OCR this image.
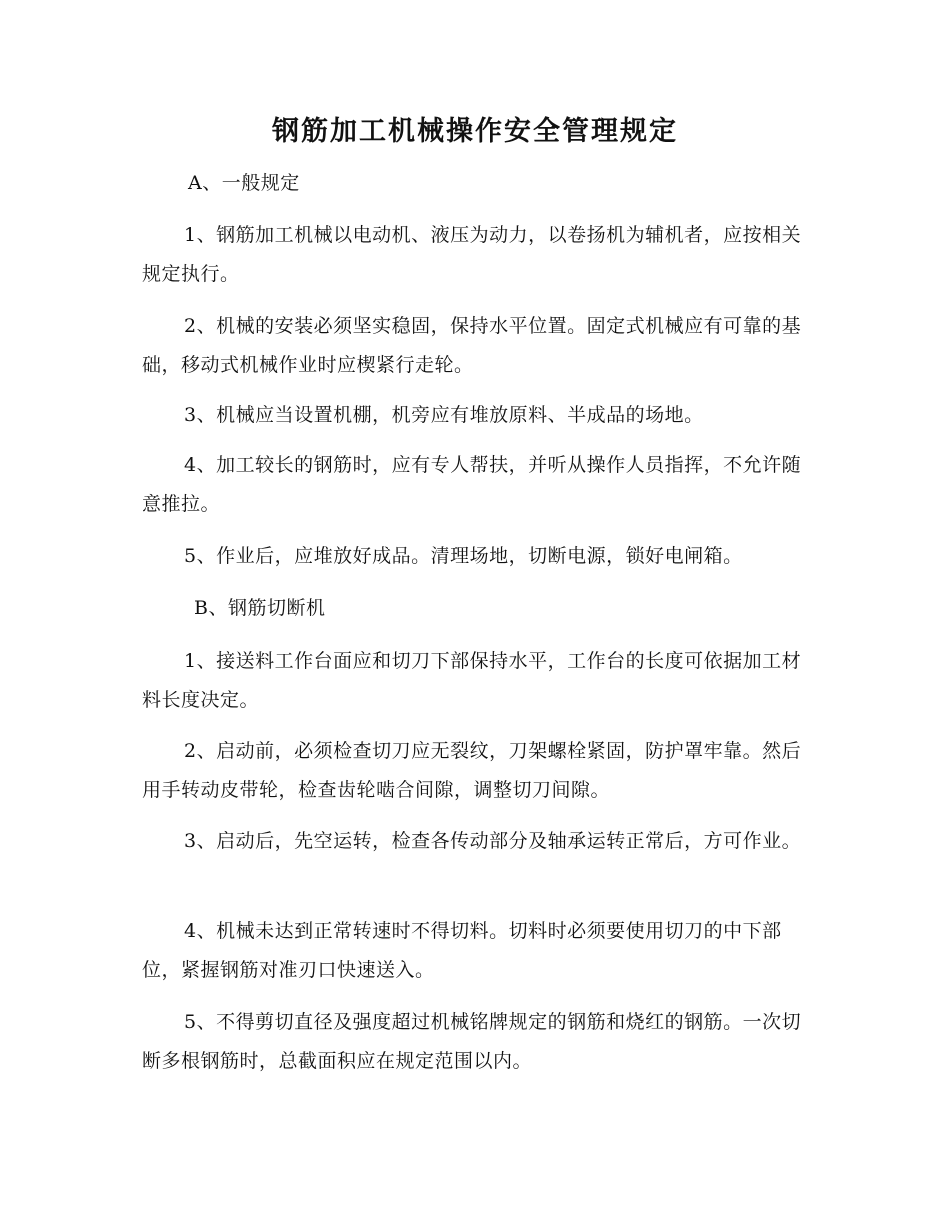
钢筋加工机械操作安全管理规定

A、一般规定

1、钢筋加工机械以电动机、液压为动力，以卷扬机为辅机者，应按相关规定执行。

2、机械的安装必须坚实稳固，保持水平位置。固定式机械应有可靠的基础，移动式机械作业时应楔紧行走轮。

3、机械应当设置机棚，机旁应有堆放原料、半成品的场地。

4、加工较长的钢筋时，应有专人帮扶，并听从操作人员指挥，不允许随意推拉。

5、作业后，应堆放好成品。清理场地，切断电源，锁好电闸箱。

B、钢筋切断机

1、接送料工作台面应和切刀下部保持水平，工作台的长度可依据加工材料长度决定。

2、启动前，必须检查切刀应无裂纹，刀架螺栓紧固，防护罩牢靠。然后用手转动皮带轮，检查齿轮啮合间隙，调整切刀间隙。

3、启动后，先空运转，检查各传动部分及轴承运转正常后，方可作业。

4、机械未达到正常转速时不得切料。切料时必须要使用切刀的中下部位，紧握钢筋对准刃口快速送入。

5、不得剪切直径及强度超过机械铭牌规定的钢筋和烧红的钢筋。一次切断多根钢筋时，总截面积应在规定范围以内。
